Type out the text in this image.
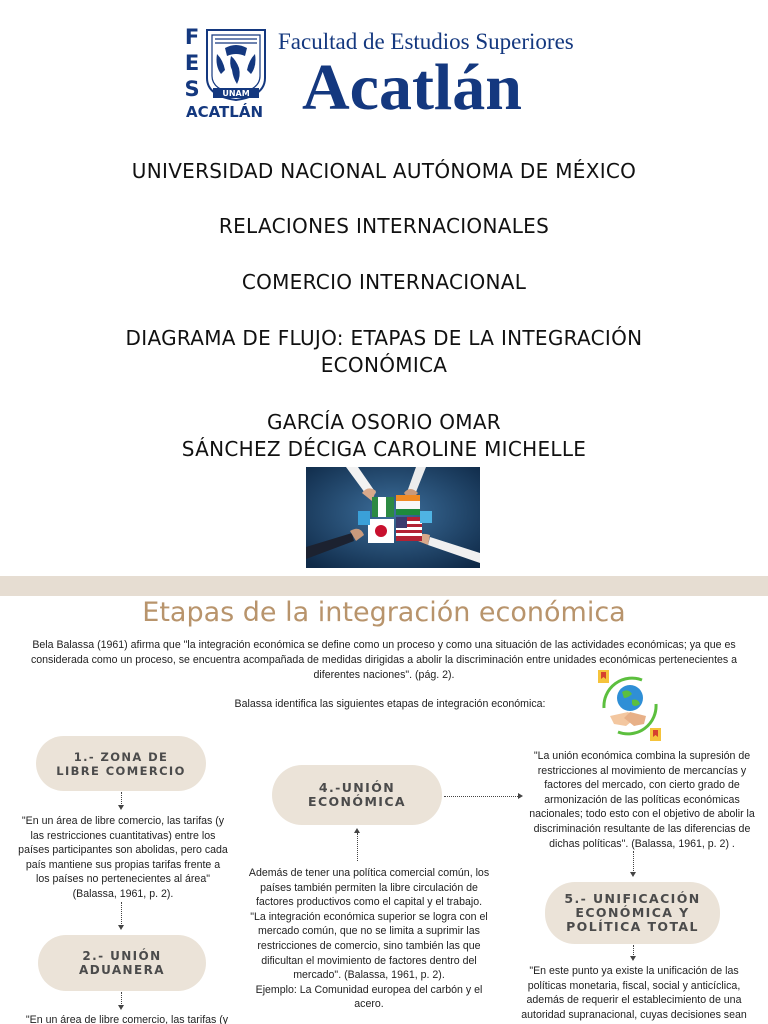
F
E
S	UNAM
ACATLÁN
Facultad de Estudios Superiores
Acatlán
UNIVERSIDAD NACIONAL AUTÓNOMA DE MÉXICO
RELACIONES INTERNACIONALES
COMERCIO INTERNACIONAL
DIAGRAMA DE FLUJO: ETAPAS DE LA INTEGRACIÓN
ECONÓMICA
GARCÍA OSORIO OMAR
SÁNCHEZ DÉCIGA CAROLINE MICHELLE
Etapas de la integración económica
Bela Balassa (1961) afirma que "la integración económica se define como un proceso y como una situación de las actividades económicas; ya que es considerada como un proceso, se encuentra acompañada de medidas dirigidas a abolir la discriminación entre unidades económicas pertenecientes a diferentes naciones". (pág. 2).
Balassa identifica las siguientes etapas de integración económica:
1.- ZONA DE LIBRE COMERCIO
"En un área de libre comercio, las tarifas (y las restricciones cuantitativas) entre los países participantes son abolidas, pero cada país mantiene sus propias tarifas frente a los países no pertenecientes al área" (Balassa, 1961, p. 2).
2.- UNIÓN ADUANERA
"En un área de libre comercio, las tarifas (y
4.-UNIÓN ECONÓMICA

Además de tener una política comercial común, los países también permiten la libre circulación de factores productivos como el capital y el trabajo.

"La integración económica superior se logra con el mercado común, que no se limita a suprimir las restricciones de comercio, sino también las que dificultan el movimiento de factores dentro del mercado". (Balassa, 1961, p. 2).

Ejemplo: La Comunidad europea del carbón y el acero.

"La unión económica combina la supresión de restricciones al movimiento de mercancías y factores del mercado, con cierto grado de armonización de las políticas económicas nacionales; todo esto con el objetivo de abolir la discriminación resultante de las diferencias de dichas políticas". (Balassa, 1961, p. 2) .
5.- UNIFICACIÓN ECONÓMICA Y POLÍTICA TOTAL
"En este punto ya existe la unificación de las políticas monetaria, fiscal, social y anticíclica, además de requerir el establecimiento de una autoridad supranacional, cuyas decisiones sean
